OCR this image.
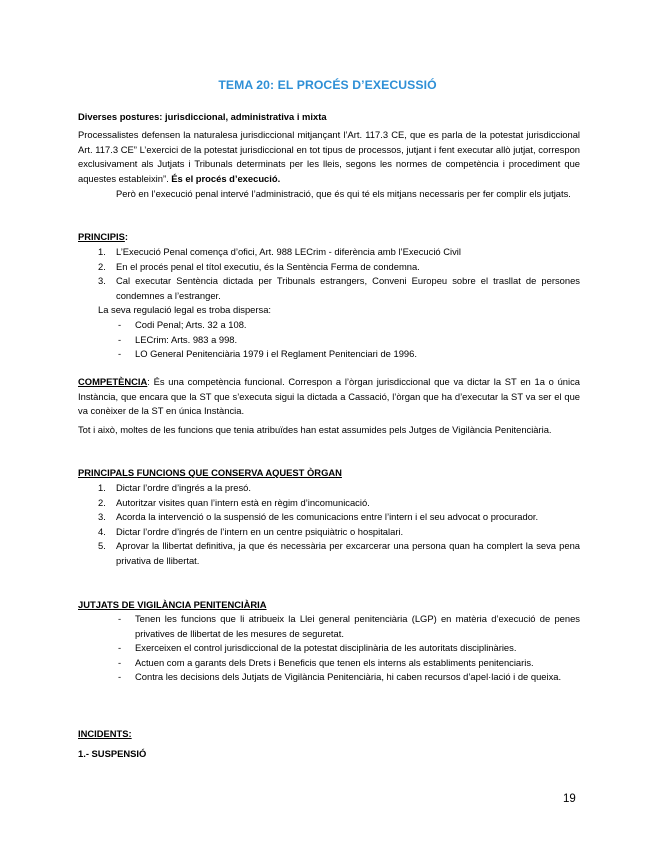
TEMA 20: EL PROCÉS D’EXECUSSIÓ
Diverses postures: jurisdiccional, administrativa i mixta
Processalistes defensen la naturalesa jurisdiccional mitjançant l’Art. 117.3 CE, que es parla de la potestat jurisdiccional Art. 117.3 CE” L’exercici de la potestat jurisdiccional en tot tipus de processos, jutjant i fent executar allò jutjat, correspon exclusivament als Jutjats i Tribunals determinats per les lleis, segons les normes de competència i procediment que aquestes estableixin”. És el procés d’execució.
Però en l’execució penal intervé l’administració, que és qui té els mitjans necessaris per fer complir els jutjats.
PRINCIPIS:
1. L’Execució Penal comença d’ofici, Art. 988 LECrim - diferència amb l’Execució Civil
2. En el procés penal el títol executiu, és la Sentència Ferma de condemna.
3. Cal executar Sentència dictada per Tribunals estrangers, Conveni Europeu sobre el trasllat de persones condemnes a l’estranger.
La seva regulació legal es troba dispersa:
- Codi Penal; Arts. 32 a 108.
- LECrim: Arts. 983 a 998.
- LO General Penitenciària 1979 i el Reglament Penitenciari de 1996.
COMPETÈNCIA: És una competència funcional. Correspon a l’òrgan jurisdiccional que va dictar la ST en 1a o única Instància, que encara que la ST que s’executa sigui la dictada a Cassació, l’òrgan que ha d’executar la ST va ser el que va conèixer de la ST en única Instància.
Tot i això, moltes de les funcions que tenia atribuïdes han estat assumides pels Jutges de Vigilància Penitenciària.
PRINCIPALS FUNCIONS QUE CONSERVA AQUEST ÒRGAN
1. Dictar l’ordre d’ingrés a la presó.
2. Autoritzar visites quan l’intern està en règim d’incomunicació.
3. Acorda la intervenció o la suspensió de les comunicacions entre l’intern i el seu advocat o procurador.
4. Dictar l’ordre d’ingrés de l’intern en un centre psiquiàtric o hospitalari.
5. Aprovar la llibertat definitiva, ja que és necessària per excarcerar una persona quan ha complert la seva pena privativa de llibertat.
JUTJATS DE VIGILÀNCIA PENITENCIÀRIA
- Tenen les funcions que li atribueix la Llei general penitenciària (LGP) en matèria d’execució de penes privatives de llibertat de les mesures de seguretat.
- Exerceixen el control jurisdiccional de la potestat disciplinària de les autoritats disciplinàries.
- Actuen com a garants dels Drets i Beneficis que tenen els interns als establiments penitenciaris.
- Contra les decisions dels Jutjats de Vigilància Penitenciària, hi caben recursos d’apel·lació i de queixa.
INCIDENTS:
1.- SUSPENSIÓ
19
